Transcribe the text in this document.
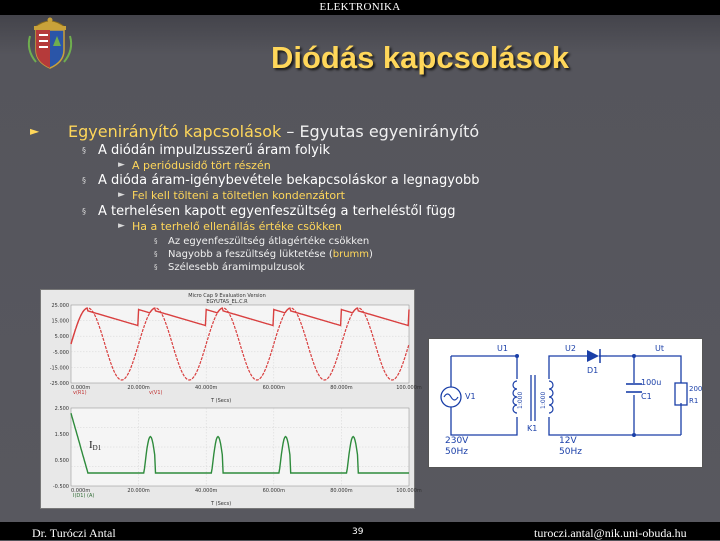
ELEKTRONIKA
Diódás kapcsolások
► Egyenirányító kapcsolások – Egyutas egyenirányító
§ A diódán impulzusszerű áram folyik
► A periódusidő tört részén
§ A dióda áram-igénybevétele bekapcsoláskor a legnagyobb
► Fel kell tölteni a töltetlen kondenzátort
§ A terhelésen kapott egyenfeszültség a terheléstől függ
► Ha a terhelő ellenállás értéke csökken
§ Az egyenfeszültség átlagértéke csökken
§ Nagyobb a feszültség lüktetése (brumm)
§ Szélesebb áramimpulzusok
Micro Cap 9 Evaluation Version
EGYUTAS_EL.C.R
25.000
15.000
5.000
-5.000
-15.000
-25.000
0.000m	20.000m	40.000m	60.000m	80.000m	100.000m
v(R1)	v(V1)
T (Secs)
2.500
1.500
0.500
-0.500
0.000m	20.000m	40.000m	60.000m	80.000m	100.000m
I(D1) (A)
T (Secs)
ID1
U1	U2	Ut
D1
V1
K1
100u
C1
200
R1
230V
50Hz
12V
50Hz
1:000	1:000
Dr. Turóczi Antal	39	turoczi.antal@nik.uni-obuda.hu
